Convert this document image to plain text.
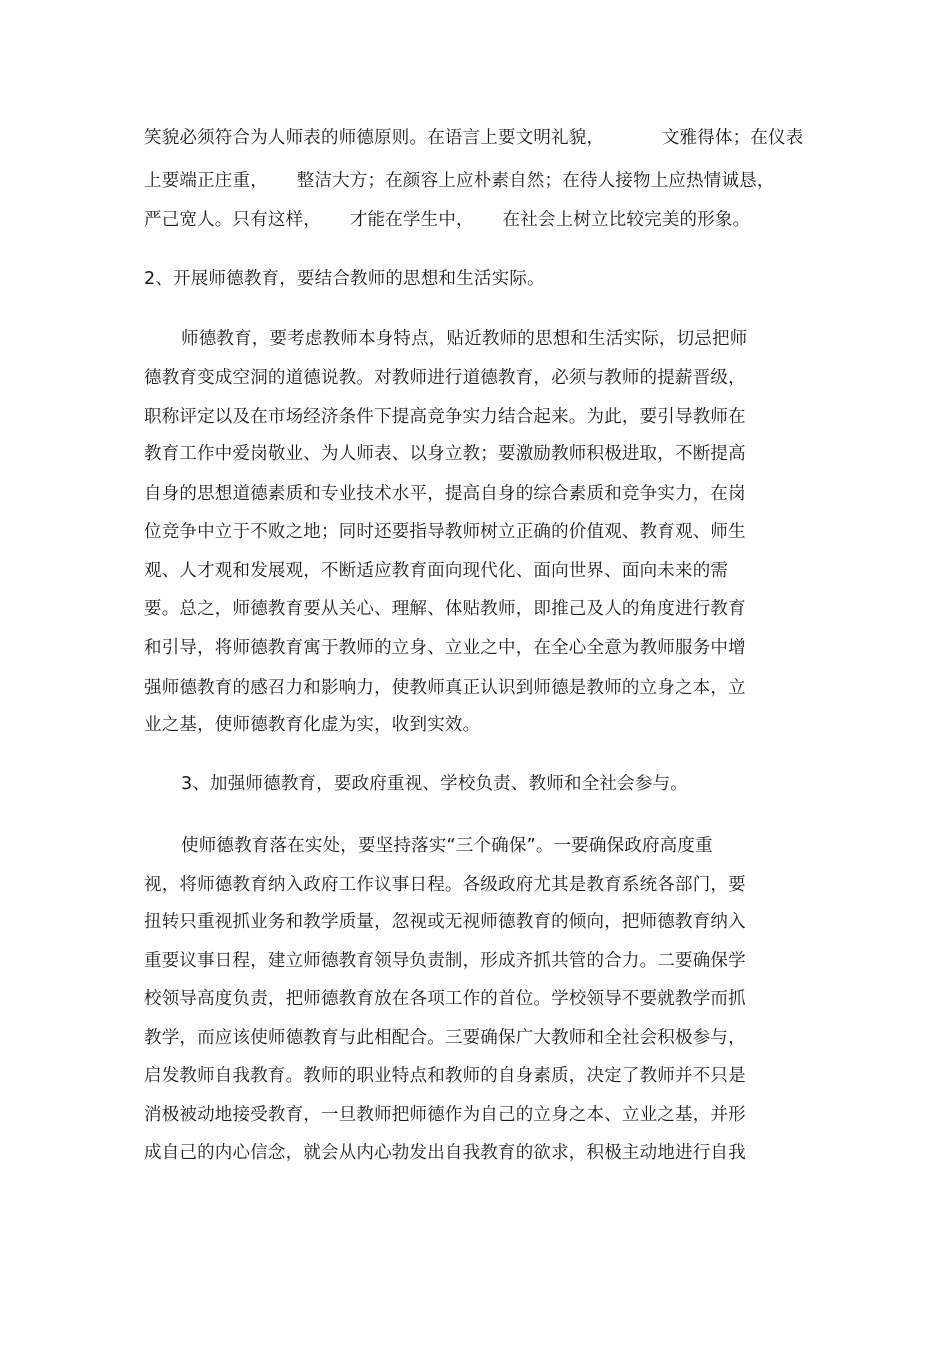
笑貌必须符合为人师表的师德原则。在语言上要文明礼貌，          文雅得体；在仪表
上要端正庄重，     整洁大方；在颜容上应朴素自然；在待人接物上应热情诚恳，
严己宽人。只有这样，     才能在学生中，     在社会上树立比较完美的形象。
2、开展师德教育，要结合教师的思想和生活实际。
师德教育，要考虑教师本身特点，贴近教师的思想和生活实际，切忌把师
德教育变成空洞的道德说教。对教师进行道德教育，必须与教师的提薪晋级，
职称评定以及在市场经济条件下提高竞争实力结合起来。为此，要引导教师在
教育工作中爱岗敬业、为人师表、以身立教；要激励教师积极进取，不断提高
自身的思想道德素质和专业技术水平，提高自身的综合素质和竞争实力，在岗
位竞争中立于不败之地；同时还要指导教师树立正确的价值观、教育观、师生
观、人才观和发展观，不断适应教育面向现代化、面向世界、面向未来的需
要。总之，师德教育要从关心、理解、体贴教师，即推己及人的角度进行教育
和引导，将师德教育寓于教师的立身、立业之中，在全心全意为教师服务中增
强师德教育的感召力和影响力，使教师真正认识到师德是教师的立身之本，立
业之基，使师德教育化虚为实，收到实效。
3、加强师德教育，要政府重视、学校负责、教师和全社会参与。
使师德教育落在实处，要坚持落实“三个确保”。一要确保政府高度重
视，将师德教育纳入政府工作议事日程。各级政府尤其是教育系统各部门，要
扭转只重视抓业务和教学质量，忽视或无视师德教育的倾向，把师德教育纳入
重要议事日程，建立师德教育领导负责制，形成齐抓共管的合力。二要确保学
校领导高度负责，把师德教育放在各项工作的首位。学校领导不要就教学而抓
教学，而应该使师德教育与此相配合。三要确保广大教师和全社会积极参与，
启发教师自我教育。教师的职业特点和教师的自身素质，决定了教师并不只是
消极被动地接受教育，一旦教师把师德作为自己的立身之本、立业之基，并形
成自己的内心信念，就会从内心勃发出自我教育的欲求，积极主动地进行自我
